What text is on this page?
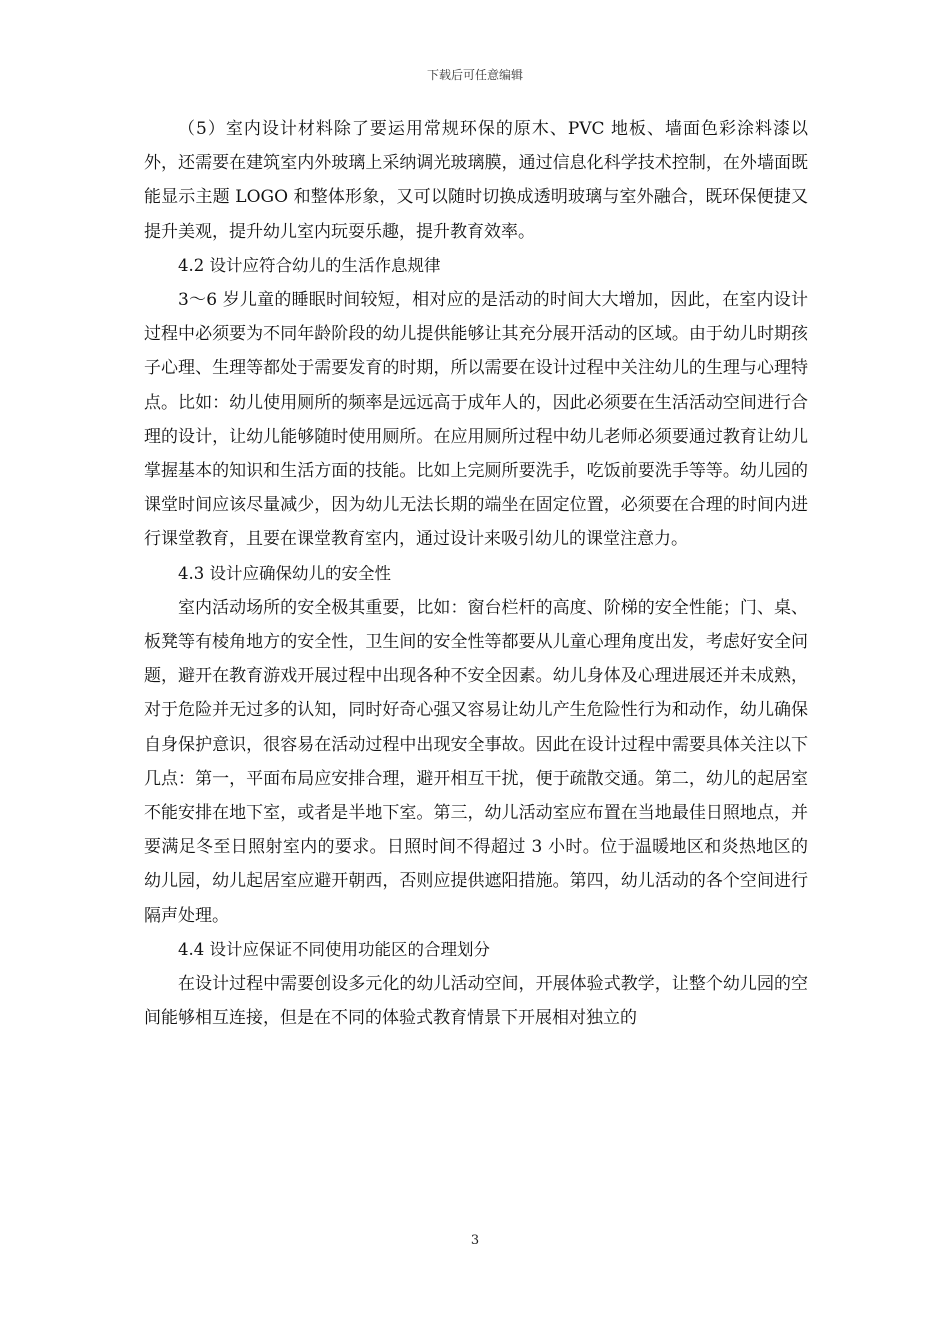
下载后可任意编辑

（5）室内设计材料除了要运用常规环保的原木、PVC 地板、墙面色彩涂料漆以外，还需要在建筑室内外玻璃上采纳调光玻璃膜，通过信息化科学技术控制，在外墙面既能显示主题 LOGO 和整体形象，又可以随时切换成透明玻璃与室外融合，既环保便捷又提升美观，提升幼儿室内玩耍乐趣，提升教育效率。

4.2 设计应符合幼儿的生活作息规律

3～6 岁儿童的睡眠时间较短，相对应的是活动的时间大大增加，因此，在室内设计过程中必须要为不同年龄阶段的幼儿提供能够让其充分展开活动的区域。由于幼儿时期孩子心理、生理等都处于需要发育的时期，所以需要在设计过程中关注幼儿的生理与心理特点。比如：幼儿使用厕所的频率是远远高于成年人的，因此必须要在生活活动空间进行合理的设计，让幼儿能够随时使用厕所。在应用厕所过程中幼儿老师必须要通过教育让幼儿掌握基本的知识和生活方面的技能。比如上完厕所要洗手，吃饭前要洗手等等。幼儿园的课堂时间应该尽量减少，因为幼儿无法长期的端坐在固定位置，必须要在合理的时间内进行课堂教育，且要在课堂教育室内，通过设计来吸引幼儿的课堂注意力。

4.3 设计应确保幼儿的安全性

室内活动场所的安全极其重要，比如：窗台栏杆的高度、阶梯的安全性能；门、桌、板凳等有棱角地方的安全性，卫生间的安全性等都要从儿童心理角度出发，考虑好安全问题，避开在教育游戏开展过程中出现各种不安全因素。幼儿身体及心理进展还并未成熟，对于危险并无过多的认知，同时好奇心强又容易让幼儿产生危险性行为和动作，幼儿确保自身保护意识，很容易在活动过程中出现安全事故。因此在设计过程中需要具体关注以下几点：第一，平面布局应安排合理，避开相互干扰，便于疏散交通。第二，幼儿的起居室不能安排在地下室，或者是半地下室。第三，幼儿活动室应布置在当地最佳日照地点，并要满足冬至日照射室内的要求。日照时间不得超过 3 小时。位于温暖地区和炎热地区的幼儿园，幼儿起居室应避开朝西，否则应提供遮阳措施。第四，幼儿活动的各个空间进行隔声处理。

4.4 设计应保证不同使用功能区的合理划分

在设计过程中需要创设多元化的幼儿活动空间，开展体验式教学，让整个幼儿园的空间能够相互连接，但是在不同的体验式教育情景下开展相对独立的

3
